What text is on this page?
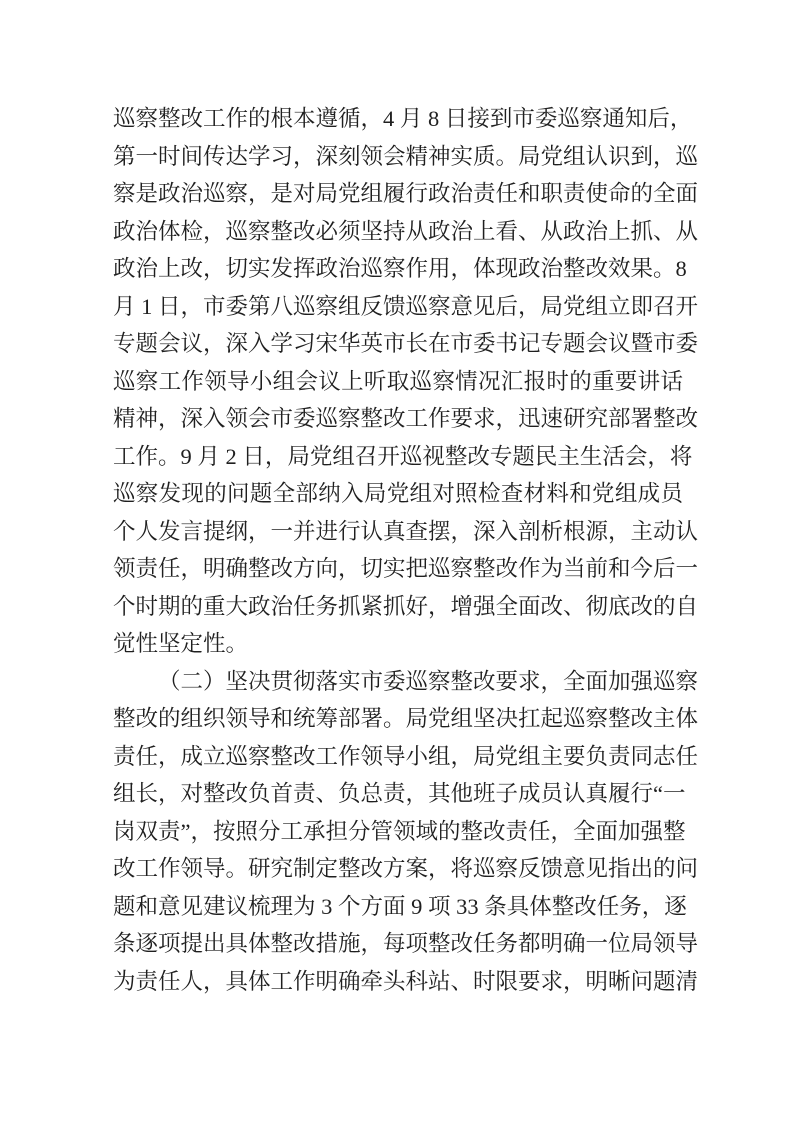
巡察整改工作的根本遵循，4 月 8 日接到市委巡察通知后，

第一时间传达学习，深刻领会精神实质。局党组认识到，巡

察是政治巡察，是对局党组履行政治责任和职责使命的全面

政治体检，巡察整改必须坚持从政治上看、从政治上抓、从

政治上改，切实发挥政治巡察作用，体现政治整改效果。8

月 1 日，市委第八巡察组反馈巡察意见后，局党组立即召开

专题会议，深入学习宋华英市长在市委书记专题会议暨市委

巡察工作领导小组会议上听取巡察情况汇报时的重要讲话

精神，深入领会市委巡察整改工作要求，迅速研究部署整改

工作。9 月 2 日，局党组召开巡视整改专题民主生活会，将

巡察发现的问题全部纳入局党组对照检查材料和党组成员

个人发言提纲，一并进行认真查摆，深入剖析根源，主动认

领责任，明确整改方向，切实把巡察整改作为当前和今后一

个时期的重大政治任务抓紧抓好，增强全面改、彻底改的自

觉性坚定性。

（二）坚决贯彻落实市委巡察整改要求，全面加强巡察

整改的组织领导和统筹部署。局党组坚决扛起巡察整改主体

责任，成立巡察整改工作领导小组，局党组主要负责同志任

组长，对整改负首责、负总责，其他班子成员认真履行“一

岗双责”，按照分工承担分管领域的整改责任，全面加强整

改工作领导。研究制定整改方案，将巡察反馈意见指出的问

题和意见建议梳理为 3 个方面 9 项 33 条具体整改任务，逐

条逐项提出具体整改措施，每项整改任务都明确一位局领导

为责任人，具体工作明确牵头科站、时限要求，明晰问题清
